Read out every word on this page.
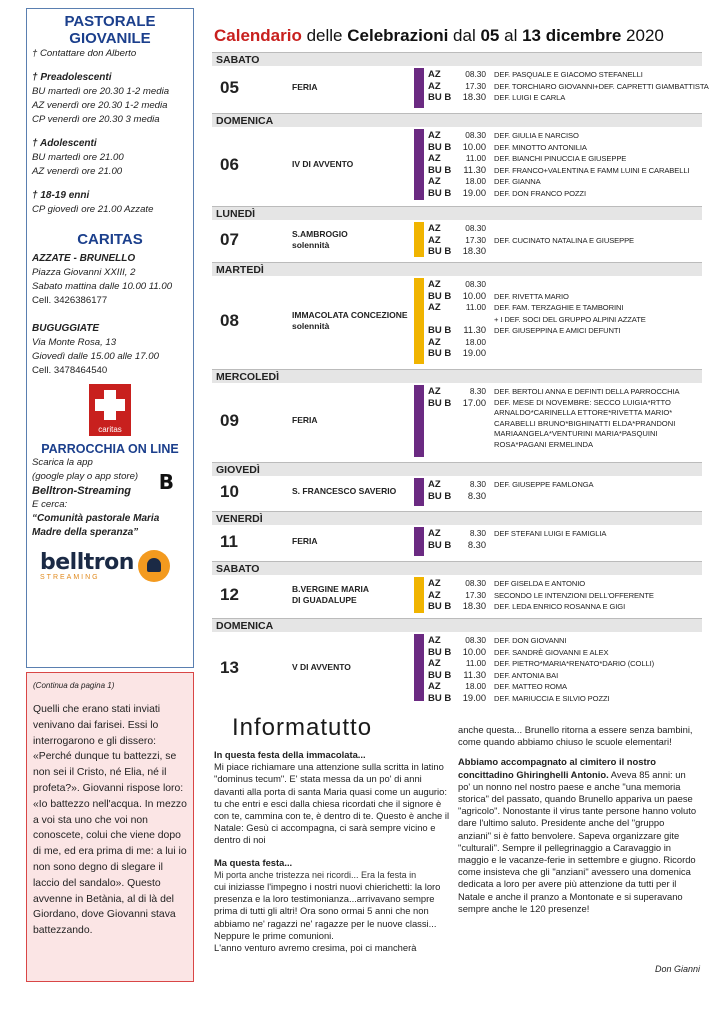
PASTORALE GIOVANILE
† Contattare don Alberto
† Preadolescenti
BU martedì ore 20.30 1-2 media
AZ venerdì ore 20.30 1-2 media
CP venerdì ore 20.30 3 media
† Adolescenti
BU martedì ore 21.00
AZ venerdì ore 21.00
† 18-19 enni
CP giovedì ore 21.00 Azzate
CARITAS
AZZATE - BRUNELLO
Piazza Giovanni XXIII, 2
Sabato mattina dalle 10.00 11.00
Cell. 3426386177
BUGUGGIATE
Via Monte Rosa, 13
Giovedì dalle 15.00 alle 17.00
Cell. 3478464540
caritas
PARROCCHIA ON LINE
Scarica la app
(google play o app store)
Belltron-Streaming	B
E cerca:
“Comunità pastorale Maria Madre della speranza”
belltron
STREAMING
(Continua da pagina 1)
Quelli che erano stati inviati venivano dai farisei. Essi lo interrogarono e gli dissero: «Perché dunque tu battezzi, se non sei il Cristo, né Elia, né il profeta?». Giovanni rispose loro: «Io battezzo nell'acqua. In mezzo a voi sta uno che voi non conoscete, colui che viene dopo di me, ed era prima di me: a lui io non sono degno di slegare il laccio del sandalo». Questo avvenne in Betània, al di là del Giordano, dove Giovanni stava battezzando.
Calendario delle Celebrazioni dal 05 al 13 dicembre 2020
SABATO
05	FERIA
AZ	08.30 DEF. PASQUALE E GIACOMO STEFANELLI
AZ	17.30 DEF. TORCHIARO GIOVANNI+DEF. CAPRETTI GIAMBATTISTA
BU B	18.30 DEF. LUIGI E CARLA
DOMENICA
06	IV DI AVVENTO
AZ	08.30 DEF. GIULIA E NARCISO
BU B	10.00 DEF. MINOTTO ANTONILIA
AZ	11.00 DEF. BIANCHI PINUCCIA E GIUSEPPE
BU B	11.30 DEF. FRANCO+VALENTINA E FAMM LUINI E CARABELLI
AZ	18.00 DEF. GIANNA
BU B	19.00 DEF. DON FRANCO POZZI
LUNEDÌ
07	S.AMBROGIO
solennità
AZ	08.30
AZ	17.30 DEF. CUCINATO NATALINA E GIUSEPPE
BU B	18.30
MARTEDÌ
08	IMMACOLATA CONCEZIONE
solennità
AZ	08.30
BU B	10.00 DEF. RIVETTA MARIO
AZ	11.00 DEF. FAM. TERZAGHIE E TAMBORINI
+ I DEF. SOCI DEL GRUPPO ALPINI AZZATE
BU B	11.30 DEF. GIUSEPPINA E AMICI DEFUNTI
AZ	18.00
BU B	19.00
MERCOLEDÌ
09	FERIA
AZ	8.30 DEF. BERTOLI ANNA E DEFINTI DELLA PARROCCHIA
BU B	17.00 DEF. MESE DI NOVEMBRE: SECCO LUIGIA*RTTO ARNALDO*CARINELLA ETTORE*RIVETTA MARIO* CARABELLI BRUNO*BIGHINATTI ELDA*PRANDONI MARIAANGELA*VENTURINI MARIA*PASQUINI ROSA*PAGANI ERMELINDA
GIOVEDÌ
10	S. FRANCESCO SAVERIO
AZ	8.30 DEF. GIUSEPPE FAMLONGA
BU B	8.30
VENERDÌ
11	FERIA
AZ	8.30 DEF STEFANI LUIGI E FAMIGLIA
BU B	8.30
SABATO
12	B.VERGINE MARIA
DI GUADALUPE
AZ	08.30 DEF GISELDA E ANTONIO
AZ	17.30 SECONDO LE INTENZIONI DELL'OFFERENTE
BU B	18.30 DEF. LEDA ENRICO ROSANNA E GIGI
DOMENICA
13	V DI AVVENTO
AZ	08.30 DEF. DON GIOVANNI
BU B	10.00 DEF. SANDRÈ GIOVANNI E ALEX
AZ	11.00 DEF. PIETRO*MARIA*RENATO*DARIO (COLLI)
BU B	11.30 DEF. ANTONIA BAI
AZ	18.00 DEF. MATTEO ROMA
BU B	19.00 DEF. MARIUCCIA E SILVIO POZZI
Informatutto
In questa festa della immacolata...
Mi piace richiamare una attenzione sulla scritta in latino "dominus tecum". E' stata messa da un po' di anni davanti alla porta di santa Maria quasi come un augurio: tu che entri e esci dalla chiesa ricordati che il signore è con te, cammina con te, è dentro di te. Questo è anche il Natale: Gesù ci accompagna, ci sarà sempre vicino e dentro di noi
Ma questa festa...
Mi porta anche tristezza nei ricordi... Era la festa in
cui iniziasse l'impegno i nostri nuovi chierichetti: la loro presenza e la loro testimonianza...arrivavano sempre prima di tutti gli altri! Ora sono ormai 5 anni che non abbiamo ne' ragazzi ne' ragazze per le nuove classi... Neppure le prime comunioni.
L'anno venturo avremo cresima, poi ci mancherà
anche questa... Brunello ritorna a essere senza bambini, come quando abbiamo chiuso le scuole elementari!
Abbiamo accompagnato al cimitero il nostro concittadino Ghiringhelli Antonio. Aveva 85 anni: un po' un nonno nel nostro paese e anche "una memoria storica" del passato, quando Brunello appariva un paese "agricolo". Nonostante il virus tante persone hanno voluto dare l'ultimo saluto. Presidente anche del "gruppo anziani" si è fatto benvolere. Sapeva organizzare gite "culturali". Sempre il pellegrinaggio a Caravaggio in maggio e le vacanze-ferie in settembre e giugno. Ricordo come insisteva che gli "anziani" avessero una domenica dedicata a loro per avere più attenzione da tutti per il Natale e anche il pranzo a Montonate e si superavano sempre anche le 120 presenze!
Don Gianni
